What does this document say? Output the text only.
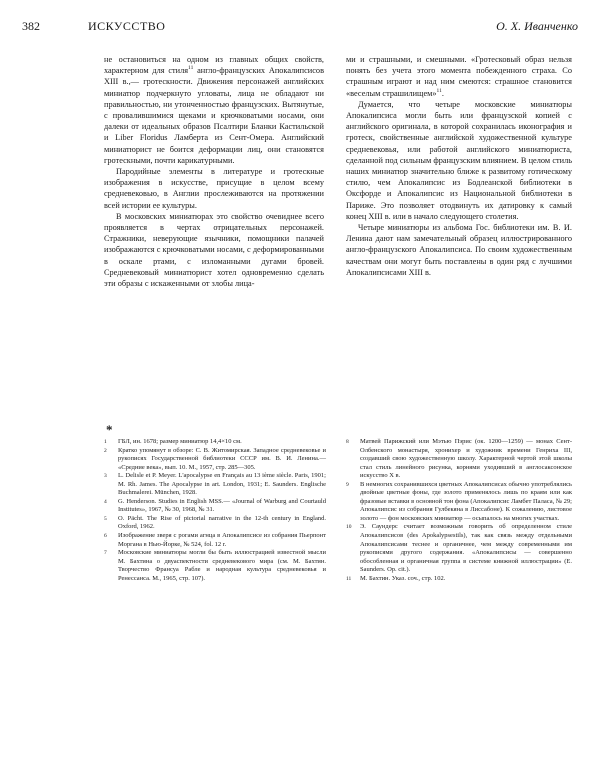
382	ИСКУССТВО	О. Х. Иванченко

не остановиться на одном из главных общих свойств, характерном для стиля$^{11}$ англо-французских Апокалипсисов XIII в.,— гротескности. Движения персонажей английских миниатюр подчеркнуто угловаты, лица не обладают ни правильностью, ни утонченностью французских. Вытянутые, с провалившимися щеками и крючковатыми носами, они далеки от идеальных образов Псалтири Бланки Кастильской и Liber Floridus Ламберта из Сент-Омера. Английский миниатюрист не боится деформации лиц, они становятся гротескными, почти карикатурными.

Пародийные элементы в литературе и гротескные изображения в искусстве, присущие в целом всему средневековью, в Англии прослеживаются на протяжении всей истории ее культуры.

В московских миниатюрах это свойство очевиднее всего проявляется в чертах отрицательных персонажей. Стражники, неверующие язычники, помощники палачей изображаются с крючковатыми носами, с деформированными в оскале ртами, с изломанными дугами бровей. Средневековый миниатюрист хотел одновременно сделать эти образы с искаженными от злобы лица-

ми и страшными, и смешными. «Гротесковый образ нельзя понять без учета этого момента побежденного страха. Со страшным играют и над ним смеются: страшное становится «веселым страшилищем»$^{11}$.

Думается, что четыре московские миниатюры Апокалипсиса могли быть или французской копией с английского оригинала, в которой сохранилась иконография и гротеск, свойственные английской художественной культуре средневековья, или работой английского миниатюриста, сделанной под сильным французским влиянием. В целом стиль наших миниатюр значительно ближе к развитому готическому стилю, чем Апокалипсис из Бодлеанской библиотеки в Оксфорде и Апокалипсис из Национальной библиотеки в Париже. Это позволяет отодвинуть их датировку к самый конец XIII в. или в начало следующего столетия.

Четыре миниатюры из альбома Гос. библиотеки им. В. И. Ленина дают нам замечательный образец иллюстрированного англо-французского Апокалипсиса. По своим художественным качествам они могут быть поставлены в один ряд с лучшими Апокалипсисами XIII в.

*
1 ГБЛ, ин. 1678; размер миниатюр 14,4×10 см.
2 Кратко упомянут в обзоре: С. В. Житомирская. Западное средневековье и рукописях Государственной библиотеки СССР им. В. И. Ленина.— «Средние века», вып. 10. М., 1957, стр. 285—305.
3 L. Delisle et P. Meyer. L'apocalypse en Français au 13 ième siècle. Paris, 1901; M. Rh. James. The Apocalypse in art. London, 1931; E. Saunders. Englische Buchmalerei. München, 1928.
4 G. Henderson. Studies in English MSS.— «Journal of Warburg and Courtauld Institutes», 1967, № 30, 1968, № 31.
5 O. Pächt. The Rise of pictorial narrative in the 12-th century in England. Oxford, 1962.
6 Изображение зверя с рогами агнца в Апокалипсисе из собрания Пьерпонт Моргана в Нью-Йорке, № 524, fol. 12 r.
7 Московские миниатюры могли бы быть иллюстрацией известной мысли М. Бахтина о двуаспектности средневекового мира (см. М. Бахтин. Творчество Франсуа Рабле и народная культура средневековья и Ренессанса. М., 1965, стр. 107).
8 Матвей Парижский или Мэтью Пэрис (ок. 1200—1259) — монах Сент-Олбенского монастыря, хронихер и художник времени Генриха III, создавший свою художественную школу. Характерной чертой этой школы стал стиль линейного рисунка, корнями уходивший в англосаксонское искусство X в.
9 В немногих сохранившихся цветных Апокалипсисах обычно употреблялись двойные цветные фоны, где золото применялось лишь по краям или как фразовые вставки в основной тон фона (Апокалипсис Ламбет Паласа, № 29; Апокалипсис из собрания Гулбекяна в Лиссабоне). К сожалению, листовое золото — фон московских миниатюр — осыпалось на многих участках.
10 Э. Саундерс считает возможным говорить об определенном стиле Апокалипсисов (des Apokalypsestils), так как связь между отдельными Апокалипсисами теснее и органичнее, чем между современными им рукописями другого содержания. «Апокалипсисы — совершенно обособленная и органичная группа в системе книжной иллюстрации» (E. Saunders. Op. cit.).
11 М. Бахтин. Указ. соч., стр. 102.
